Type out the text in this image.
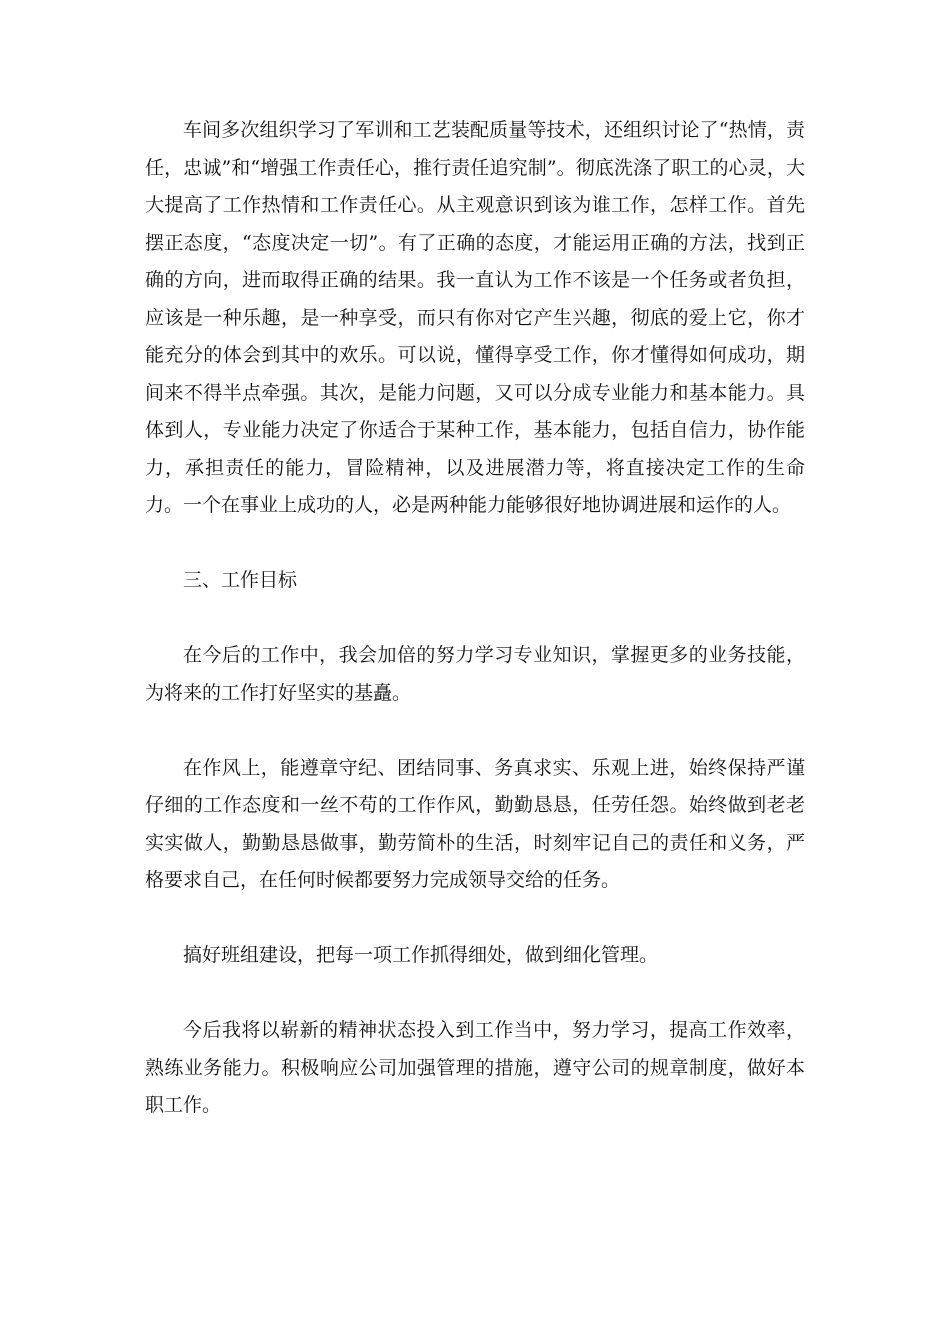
车间多次组织学习了军训和工艺装配质量等技术，还组织讨论了“热情，责任，忠诚”和“增强工作责任心，推行责任追究制”。彻底洗涤了职工的心灵，大大提高了工作热情和工作责任心。从主观意识到该为谁工作，怎样工作。首先摆正态度，“态度决定一切”。有了正确的态度，才能运用正确的方法，找到正确的方向，进而取得正确的结果。我一直认为工作不该是一个任务或者负担，应该是一种乐趣，是一种享受，而只有你对它产生兴趣，彻底的爱上它，你才能充分的体会到其中的欢乐。可以说，懂得享受工作，你才懂得如何成功，期间来不得半点牵强。其次，是能力问题，又可以分成专业能力和基本能力。具体到人，专业能力决定了你适合于某种工作，基本能力，包括自信力，协作能力，承担责任的能力，冒险精神，以及进展潜力等，将直接决定工作的生命力。一个在事业上成功的人，必是两种能力能够很好地协调进展和运作的人。

三、工作目标

在今后的工作中，我会加倍的努力学习专业知识，掌握更多的业务技能，为将来的工作打好坚实的基矗。

在作风上，能遵章守纪、团结同事、务真求实、乐观上进，始终保持严谨仔细的工作态度和一丝不苟的工作作风，勤勤恳恳，任劳任怨。始终做到老老实实做人，勤勤恳恳做事，勤劳简朴的生活，时刻牢记自己的责任和义务，严格要求自己，在任何时候都要努力完成领导交给的任务。

搞好班组建设，把每一项工作抓得细处，做到细化管理。

今后我将以崭新的精神状态投入到工作当中，努力学习，提高工作效率，熟练业务能力。积极响应公司加强管理的措施，遵守公司的规章制度，做好本职工作。
